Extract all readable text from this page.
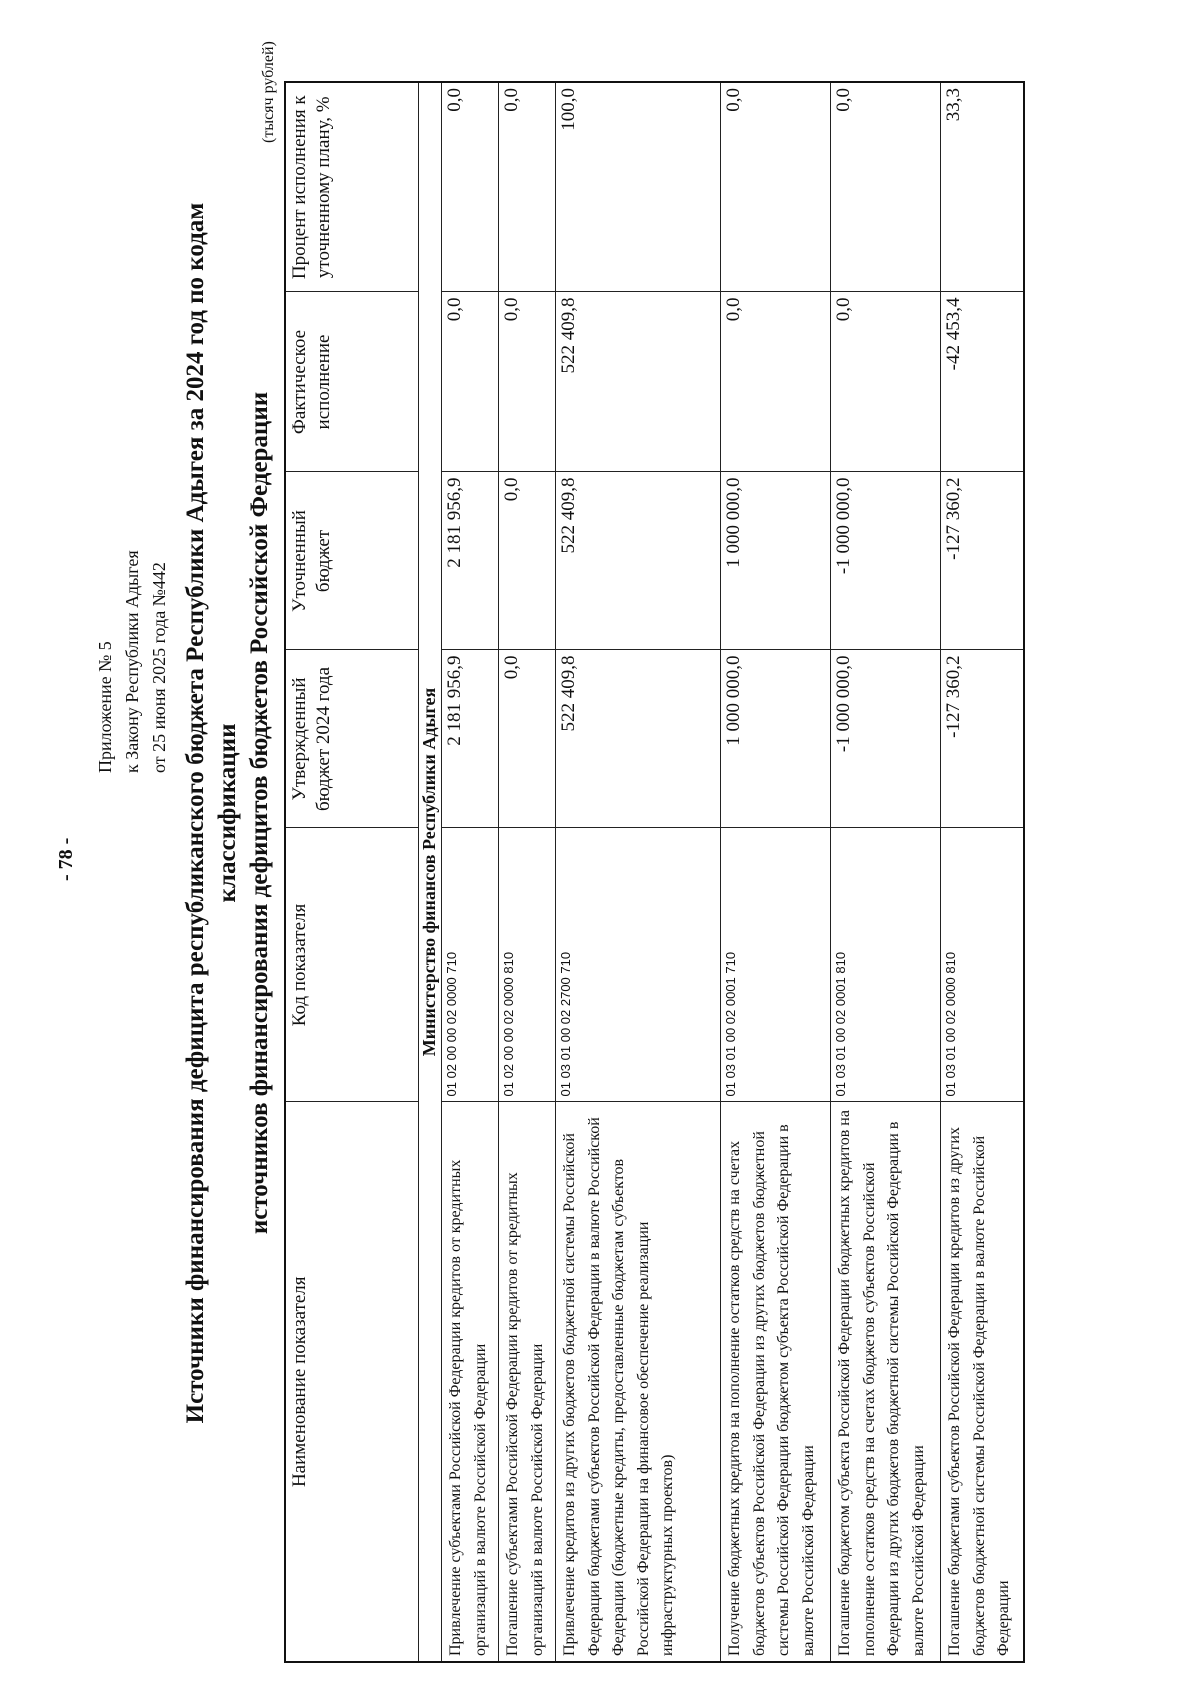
- 78 -
Приложение № 5 к Закону Республики Адыгея от 25 июня 2025 года №442 Источники финансирования дефицита республиканского бюджета Республики Адыгея за 2024 год по кодам классификации источников финансирования дефицитов бюджетов Российской Федерации
(тысяч рублей)
Наименование показателя	Код показателя	Утвержденный бюджет 2024 года	Уточненный бюджет	Фактическое исполнение	Процент исполнения к уточненному плану, %
Министерство финансов Республики Адыгея					
Привлечение субъектами Российской Федерации кредитов от кредитных организаций в валюте Российской Федерации	01 02 00 00 02 0000 710	2 181 956,9	2 181 956,9	0,0	0,0
Погашение субъектами Российской Федерации кредитов от кредитных организаций в валюте Российской Федерации	01 02 00 00 02 0000 810	0,0	0,0	0,0	0,0
Привлечение кредитов из других бюджетов бюджетной системы Российской Федерации бюджетами субъектов Российской Федерации в валюте Российской Федерации (бюджетные кредиты, предоставленные бюджетам субъектов Российской Федерации на финансовое обеспечение реализации инфраструктурных проектов)	01 03 01 00 02 2700 710	522 409,8	522 409,8	522 409,8	100,0
Получение бюджетных кредитов на пополнение остатков средств на счетах бюджетов субъектов Российской Федерации из других бюджетов бюджетной системы Российской Федерации бюджетом субъекта Российской Федерации в валюте Российской Федерации	01 03 01 00 02 0001 710	1 000 000,0	1 000 000,0	0,0	0,0
Погашение бюджетом субъекта Российской Федерации бюджетных кредитов на пополнение остатков средств на счетах бюджетов субъектов Российской Федерации из других бюджетов бюджетной системы Российской Федерации в валюте Российской Федерации	01 03 01 00 02 0001 810	-1 000 000,0	-1 000 000,0	0,0	0,0
Погашение бюджетами субъектов Российской Федерации кредитов из других бюджетов бюджетной системы Российской Федерации в валюте Российской Федерации	01 03 01 00 02 0000 810	-127 360,2	-127 360,2	-42 453,4	33,3
